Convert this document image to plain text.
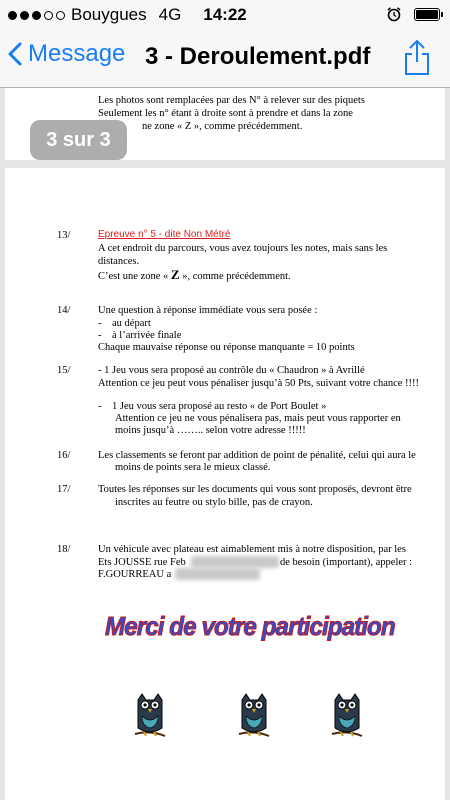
Bouygues 4G	14:22
Message 3 - Deroulement.pdf
Les photos sont remplacées par des N° à relever sur des piquets
Seulement les n° étant à droite sont à prendre et dans la zone
ne zone « Z », comme précédemment.
13/	Epreuve n° 5 - dite Non Métré
A cet endroit du parcours, vous avez toujours les notes, mais sans les
distances.
C’est une zone « Z », comme précédemment.
14/	Une question à réponse immédiate vous sera posée :
-    au départ
-    à l’arrivée finale
Chaque mauvaise réponse ou réponse manquante = 10 points
15/	- 1 Jeu vous sera proposé au contrôle du « Chaudron » à Avrillé
Attention ce jeu peut vous pénaliser jusqu’à 50 Pts, suivant votre chance !!!!
-    1 Jeu vous sera proposé au resto « de Port Boulet »
Attention ce jeu ne vous pénalisera pas, mais peut vous rapporter en
moins jusqu’à …….. selon votre adresse !!!!!
16/	Les classements se feront par addition de point de pénalité, celui qui aura le
moins de points sera le mieux classé.
17/	Toutes les réponses sur les documents qui vous sont proposés, devront être
inscrites au feutre ou stylo bille, pas de crayon.
18/	Un véhicule avec plateau est aimablement mis à notre disposition, par les
Ets JOUSSE rue Feb	de besoin (important), appeler :
F.GOURREAU a
Merci de votre participation
3 sur 3
